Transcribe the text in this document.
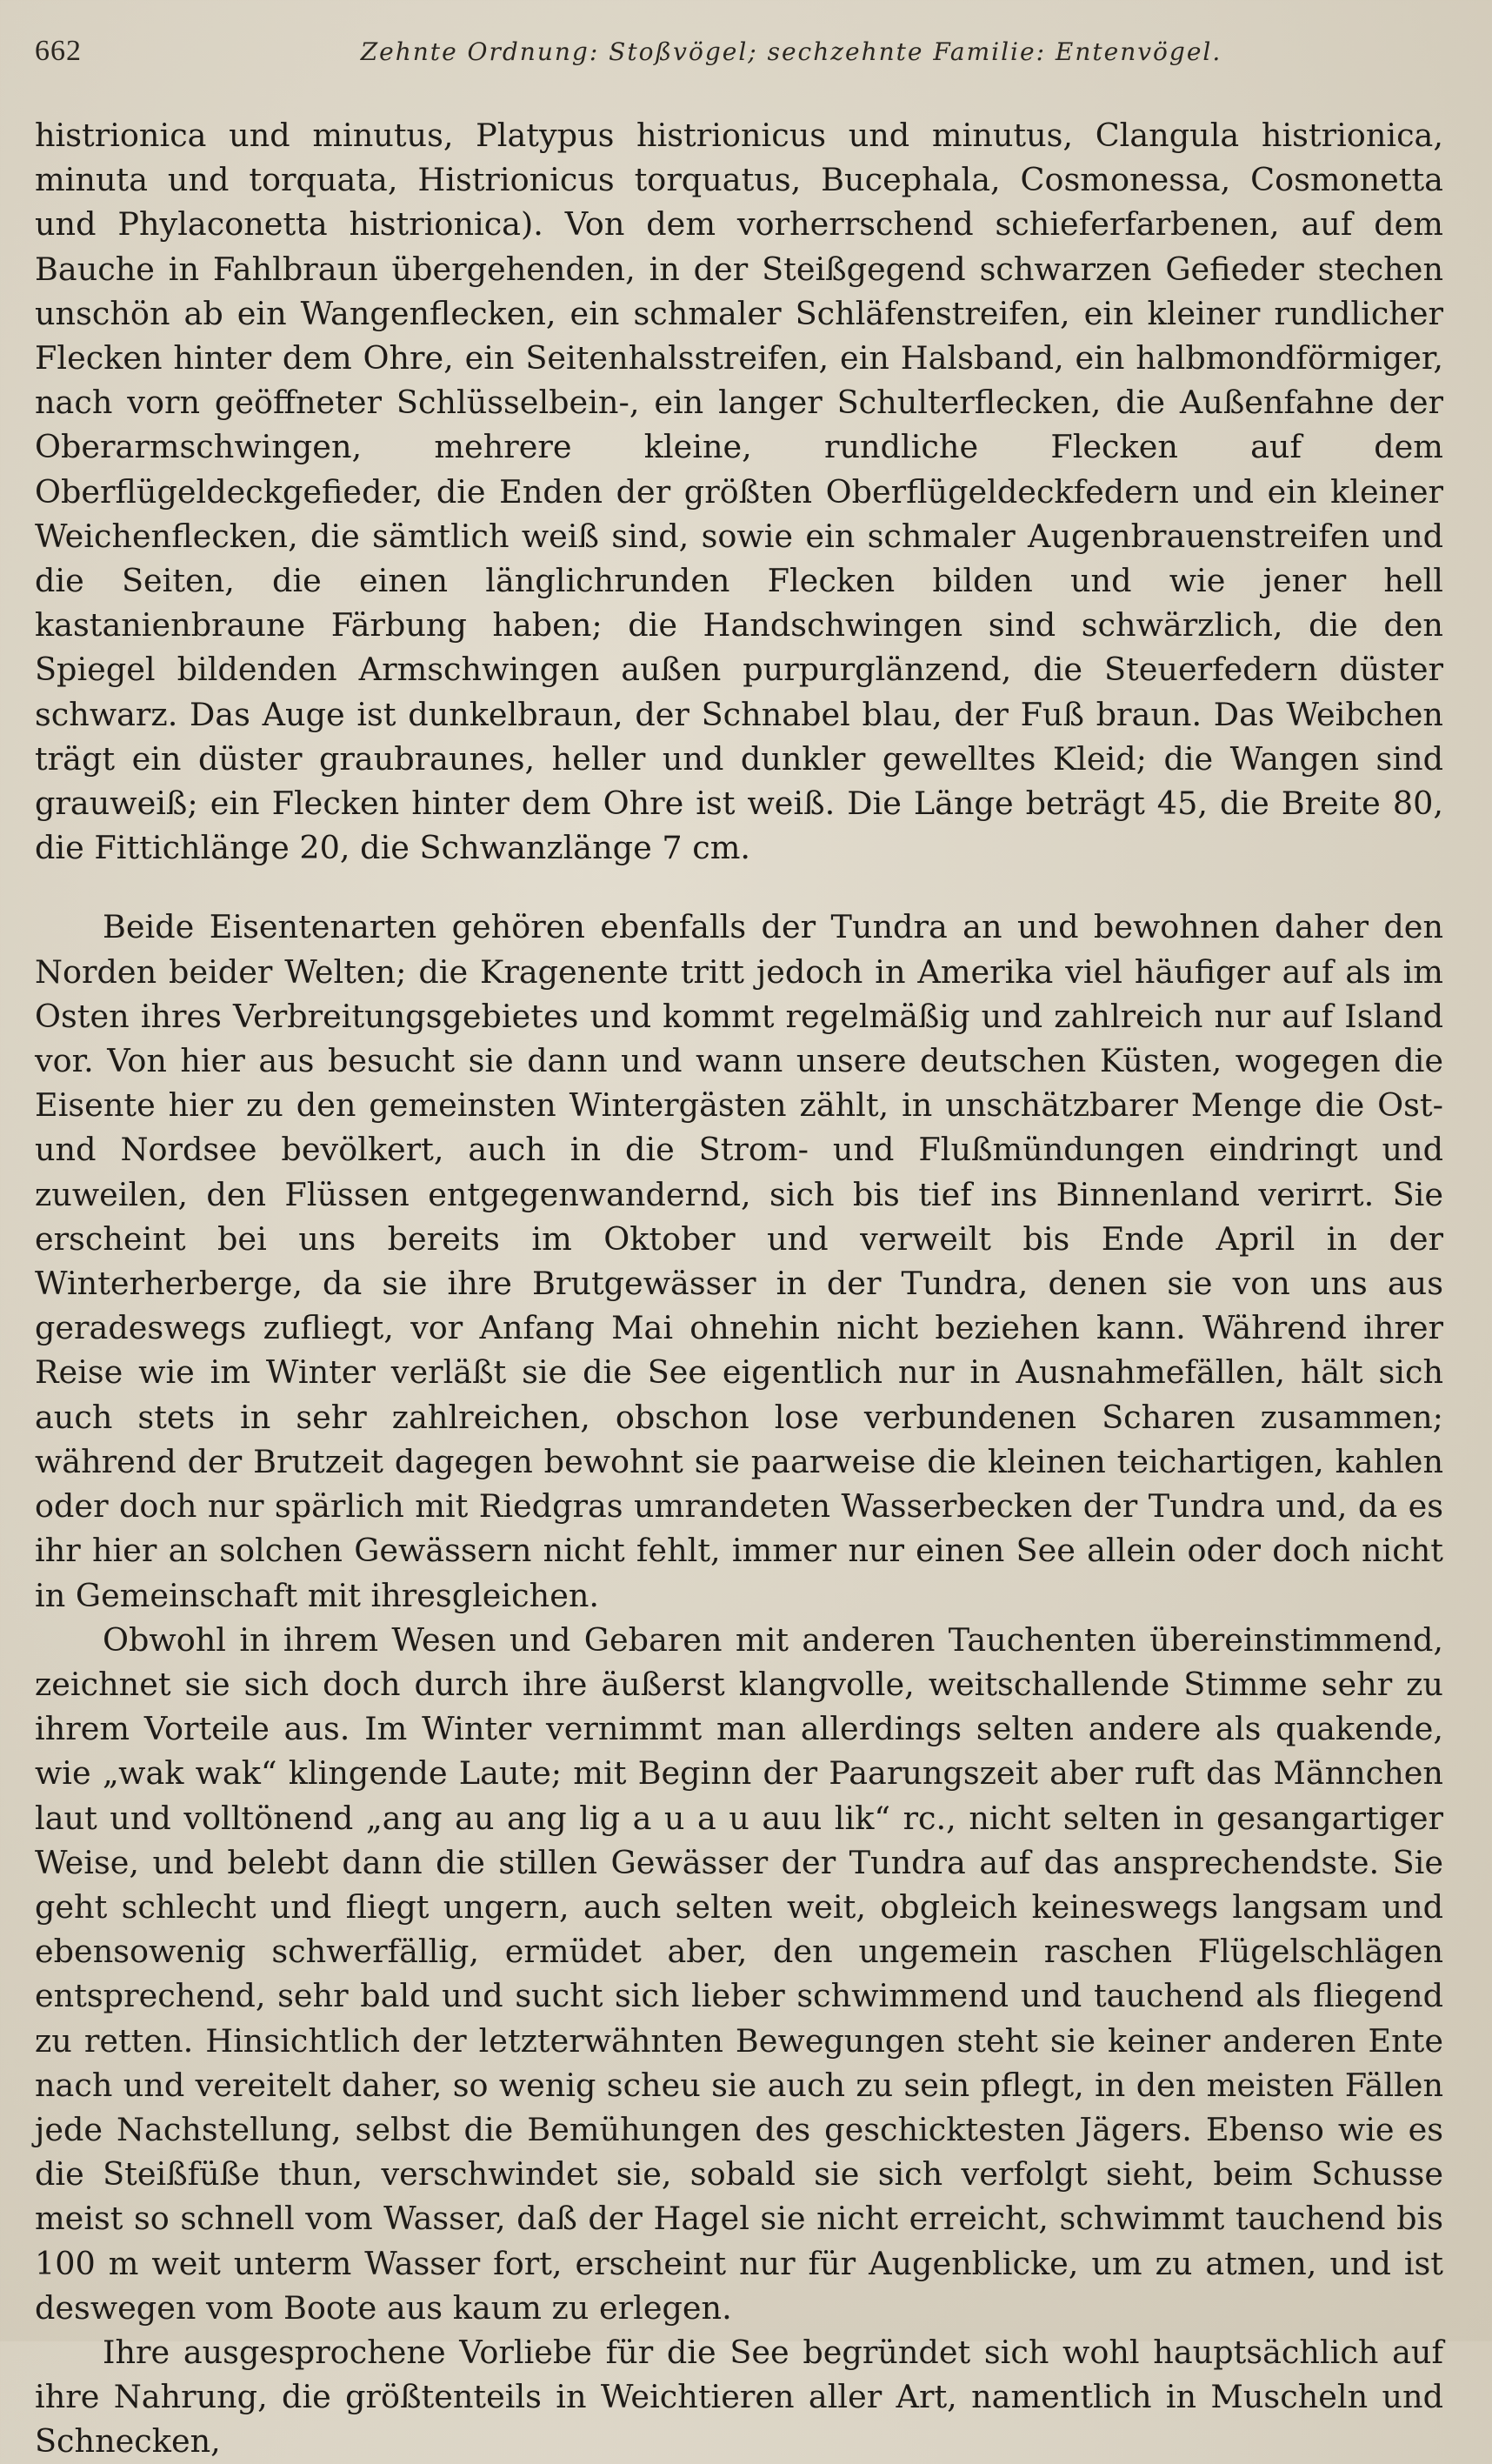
662	Zehnte Ordnung: Stoßvögel; sechzehnte Familie: Entenvögel.

histrionica und minutus, Platypus histrionicus und minutus, Clangula histrionica, minuta und torquata, Histrionicus torquatus, Bucephala, Cosmonessa, Cosmonetta und Phylaconetta histrionica). Von dem vorherrschend schieferfarbenen, auf dem Bauche in Fahlbraun übergehenden, in der Steißgegend schwarzen Gefieder stechen unschön ab ein Wangenflecken, ein schmaler Schläfenstreifen, ein kleiner rundlicher Flecken hinter dem Ohre, ein Seitenhalsstreifen, ein Halsband, ein halbmondförmiger, nach vorn geöffneter Schlüsselbein-, ein langer Schulterflecken, die Außenfahne der Oberarmschwingen, mehrere kleine, rundliche Flecken auf dem Oberflügeldeckgefieder, die Enden der größten Oberflügeldeckfedern und ein kleiner Weichenflecken, die sämtlich weiß sind, sowie ein schmaler Augenbrauenstreifen und die Seiten, die einen länglichrunden Flecken bilden und wie jener hell kastanienbraune Färbung haben; die Handschwingen sind schwärzlich, die den Spiegel bildenden Armschwingen außen purpurglänzend, die Steuerfedern düster schwarz. Das Auge ist dunkelbraun, der Schnabel blau, der Fuß braun. Das Weibchen trägt ein düster graubraunes, heller und dunkler gewelltes Kleid; die Wangen sind grauweiß; ein Flecken hinter dem Ohre ist weiß. Die Länge beträgt 45, die Breite 80, die Fittichlänge 20, die Schwanzlänge 7 cm.

Beide Eisentenarten gehören ebenfalls der Tundra an und bewohnen daher den Norden beider Welten; die Kragenente tritt jedoch in Amerika viel häufiger auf als im Osten ihres Verbreitungsgebietes und kommt regelmäßig und zahlreich nur auf Island vor. Von hier aus besucht sie dann und wann unsere deutschen Küsten, wogegen die Eisente hier zu den gemeinsten Wintergästen zählt, in unschätzbarer Menge die Ost- und Nordsee bevölkert, auch in die Strom- und Flußmündungen eindringt und zuweilen, den Flüssen entgegenwandernd, sich bis tief ins Binnenland verirrt. Sie erscheint bei uns bereits im Oktober und verweilt bis Ende April in der Winterherberge, da sie ihre Brutgewässer in der Tundra, denen sie von uns aus geradeswegs zufliegt, vor Anfang Mai ohnehin nicht beziehen kann. Während ihrer Reise wie im Winter verläßt sie die See eigentlich nur in Ausnahmefällen, hält sich auch stets in sehr zahlreichen, obschon lose verbundenen Scharen zusammen; während der Brutzeit dagegen bewohnt sie paarweise die kleinen teichartigen, kahlen oder doch nur spärlich mit Riedgras umrandeten Wasserbecken der Tundra und, da es ihr hier an solchen Gewässern nicht fehlt, immer nur einen See allein oder doch nicht in Gemeinschaft mit ihresgleichen.

Obwohl in ihrem Wesen und Gebaren mit anderen Tauchenten übereinstimmend, zeichnet sie sich doch durch ihre äußerst klangvolle, weitschallende Stimme sehr zu ihrem Vorteile aus. Im Winter vernimmt man allerdings selten andere als quakende, wie „wak wak“ klingende Laute; mit Beginn der Paarungszeit aber ruft das Männchen laut und volltönend „ang au ang lig a u a u auu lik“ rc., nicht selten in gesangartiger Weise, und belebt dann die stillen Gewässer der Tundra auf das ansprechendste. Sie geht schlecht und fliegt ungern, auch selten weit, obgleich keineswegs langsam und ebensowenig schwerfällig, ermüdet aber, den ungemein raschen Flügelschlägen entsprechend, sehr bald und sucht sich lieber schwimmend und tauchend als fliegend zu retten. Hinsichtlich der letzterwähnten Bewegungen steht sie keiner anderen Ente nach und vereitelt daher, so wenig scheu sie auch zu sein pflegt, in den meisten Fällen jede Nachstellung, selbst die Bemühungen des geschicktesten Jägers. Ebenso wie es die Steißfüße thun, verschwindet sie, sobald sie sich verfolgt sieht, beim Schusse meist so schnell vom Wasser, daß der Hagel sie nicht erreicht, schwimmt tauchend bis 100 m weit unterm Wasser fort, erscheint nur für Augenblicke, um zu atmen, und ist deswegen vom Boote aus kaum zu erlegen.

Ihre ausgesprochene Vorliebe für die See begründet sich wohl hauptsächlich auf ihre Nahrung, die größtenteils in Weichtieren aller Art, namentlich in Muscheln und Schnecken,
